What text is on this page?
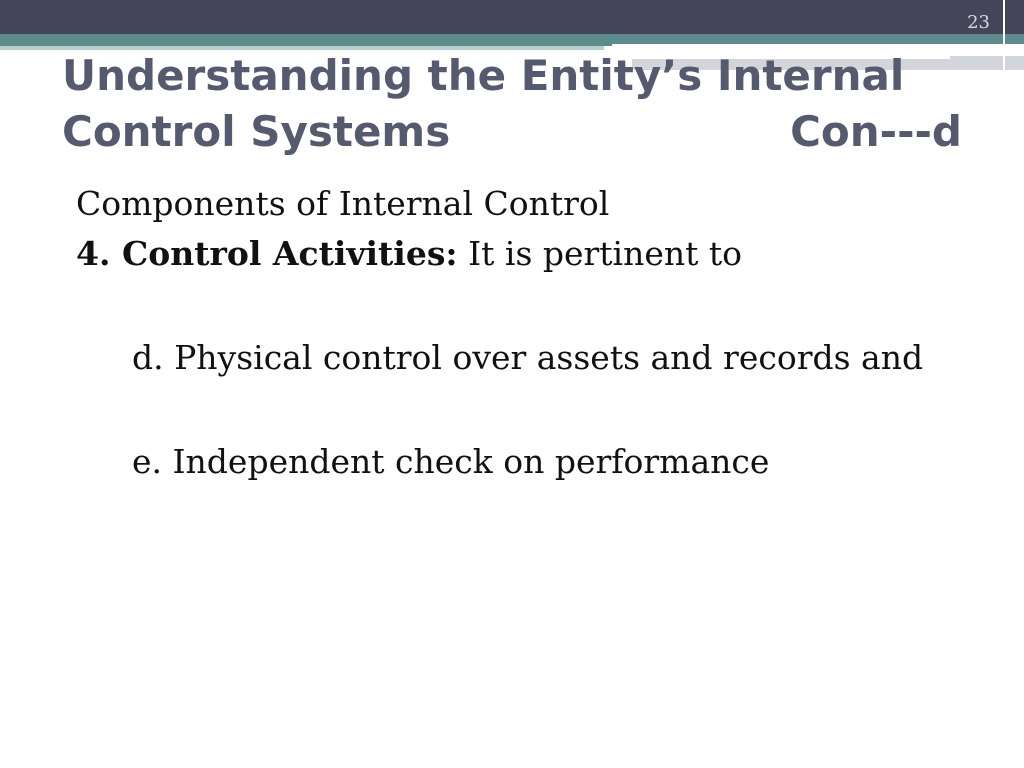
23
Understanding the Entity’s Internal
Control Systems	Con---d
Components of Internal Control
4. Control Activities: It is pertinent to
d. Physical control over assets and records and
e. Independent check on performance
